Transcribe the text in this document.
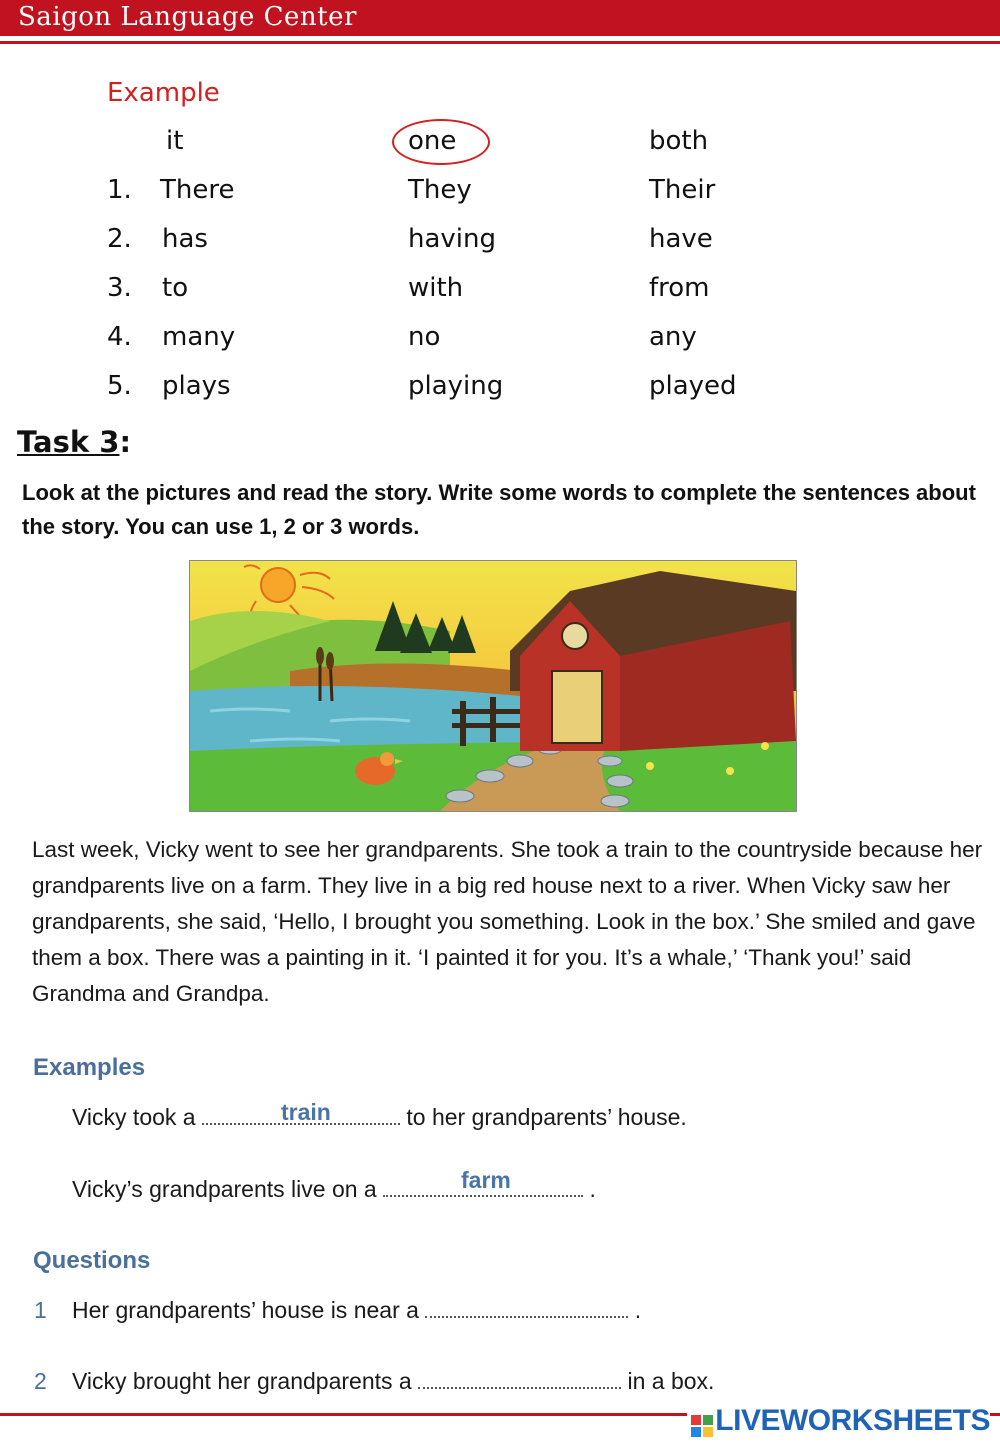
Saigon Language Center
Example
it	one	both
1. There	They	Their
2. has	having	have
3. to	with	from
4. many	no	any
5. plays	playing	played
Task 3:
Look at the pictures and read the story. Write some words to complete the sentences about the story. You can use 1, 2 or 3 words.
Last week, Vicky went to see her grandparents. She took a train to the countryside because her grandparents live on a farm. They live in a big red house next to a river. When Vicky saw her grandparents, she said, ‘Hello, I brought you something. Look in the box.’ She smiled and gave them a box. There was a painting in it. ‘I painted it for you. It’s a whale,’ ‘Thank you!’ said Grandma and Grandpa.
Examples
Vicky took a	to her grandparents’ house.
train
Vicky’s grandparents live on a	.
farm
Questions
1 Her grandparents’ house is near a	.
2 Vicky brought her grandparents a	in a box.
LIVEWORKSHEETS
